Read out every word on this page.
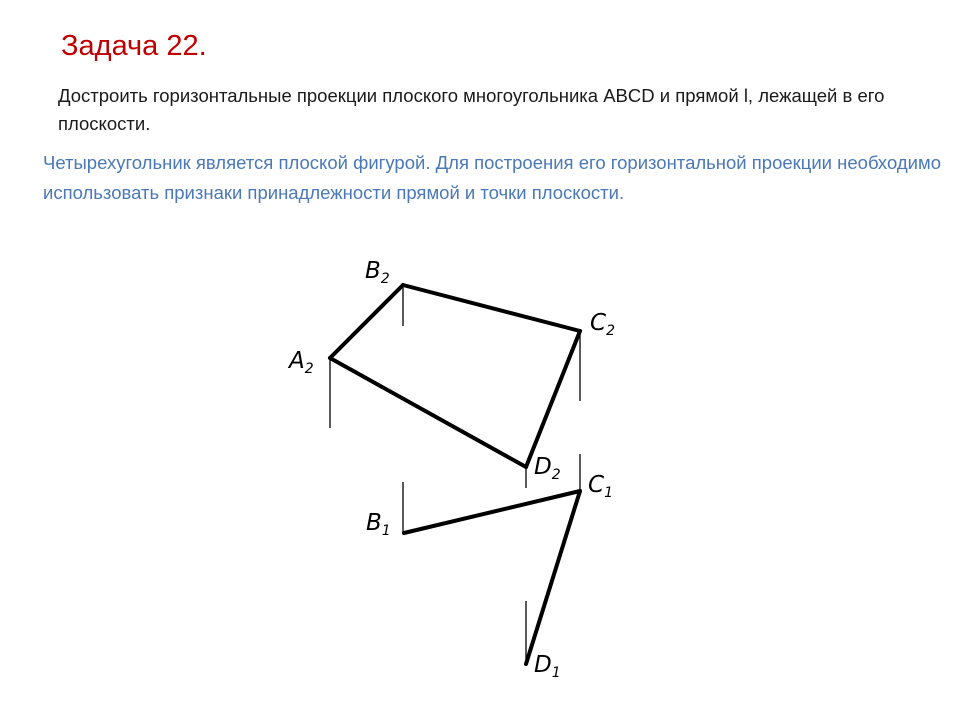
Задача 22.
Достроить горизонтальные проекции плоского многоугольника ABCD и прямой l, лежащей в его плоскости.
Четырехугольник является плоской фигурой. Для построения его горизонтальной проекции необходимо использовать признаки принадлежности прямой и точки плоскости.
B2
A2
C2
D2 C1
B1
D1
